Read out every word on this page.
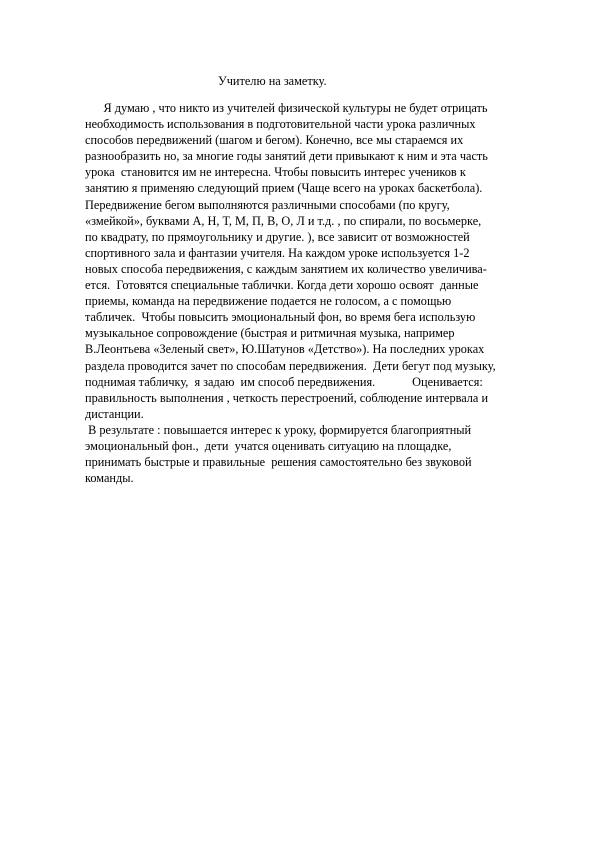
Учителю на заметку.
Я думаю , что никто из учителей физической культуры не будет отрицать
необходимость использования в подготовительной части урока различных
способов передвижений (шагом и бегом). Конечно, все мы стараемся их
разнообразить но, за многие годы занятий дети привыкают к ним и эта часть
урока  становится им не интересна. Чтобы повысить интерес учеников к
занятию я применяю следующий прием (Чаще всего на уроках баскетбола).
Передвижение бегом выполняются различными способами (по кругу,
«змейкой», буквами А, Н, Т, М, П, В, О, Л и т.д. , по спирали, по восьмерке,
по квадрату, по прямоугольнику и другие. ), все зависит от возможностей
спортивного зала и фантазии учителя. На каждом уроке используется 1-2
новых способа передвижения, с каждым занятием их количество увеличива-
ется.  Готовятся специальные таблички. Когда дети хорошо освоят  данные
приемы, команда на передвижение подается не голосом, а с помощью
табличек.  Чтобы повысить эмоциональный фон, во время бега использую
музыкальное сопровождение (быстрая и ритмичная музыка, например
В.Леонтьева «Зеленый свет», Ю.Шатунов «Детство»). На последних уроках
раздела проводится зачет по способам передвижения.  Дети бегут под музыку,
поднимая табличку,  я задаю  им способ передвижения.            Оценивается:
правильность выполнения , четкость перестроений, соблюдение интервала и
дистанции.
В результате : повышается интерес к уроку, формируется благоприятный
эмоциональный фон.,  дети  учатся оценивать ситуацию на площадке,
принимать быстрые и правильные  решения самостоятельно без звуковой
команды.
